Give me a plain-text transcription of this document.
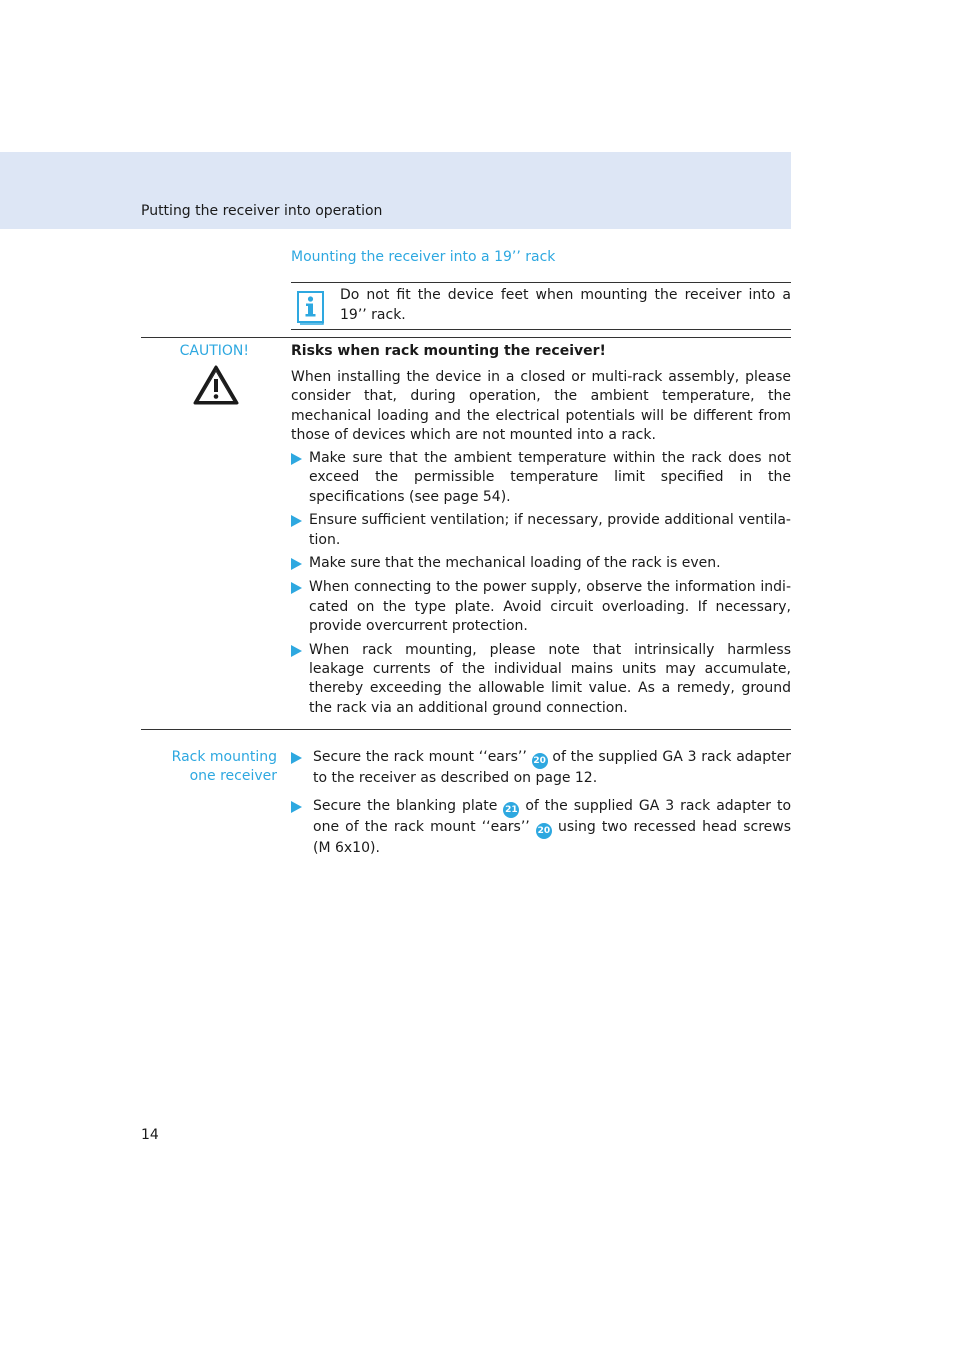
Putting the receiver into operation
Mounting the receiver into a 19’’ rack
Do not fit the device feet when mounting the receiver into a 19’’ rack.
CAUTION!	Risks when rack mounting the receiver!
When installing the device in a closed or multi-rack assembly, please consider that, during operation, the ambient temperature, the mechanical loading and the electrical potentials will be different from those of devices which are not mounted into a rack.
Make sure that the ambient temperature within the rack does not exceed the permissible temperature limit specified in the specifications (see page 54).
Ensure sufficient ventilation; if necessary, provide additional ventila-tion.
Make sure that the mechanical loading of the rack is even.
When connecting to the power supply, observe the information indi-cated on the type plate. Avoid circuit overloading. If necessary, provide overcurrent protection.
When rack mounting, please note that intrinsically harmless leakage currents of the individual mains units may accumulate, thereby exceeding the allowable limit value. As a remedy, ground the rack via an additional ground connection.
Rack mounting
one receiver
Secure the rack mount ‘‘ears’’ 20 of the supplied GA 3 rack adapter to the receiver as described on page 12.
Secure the blanking plate 21 of the supplied GA 3 rack adapter to one of the rack mount ‘‘ears’’ 20 using two recessed head screws (M 6x10).
14
